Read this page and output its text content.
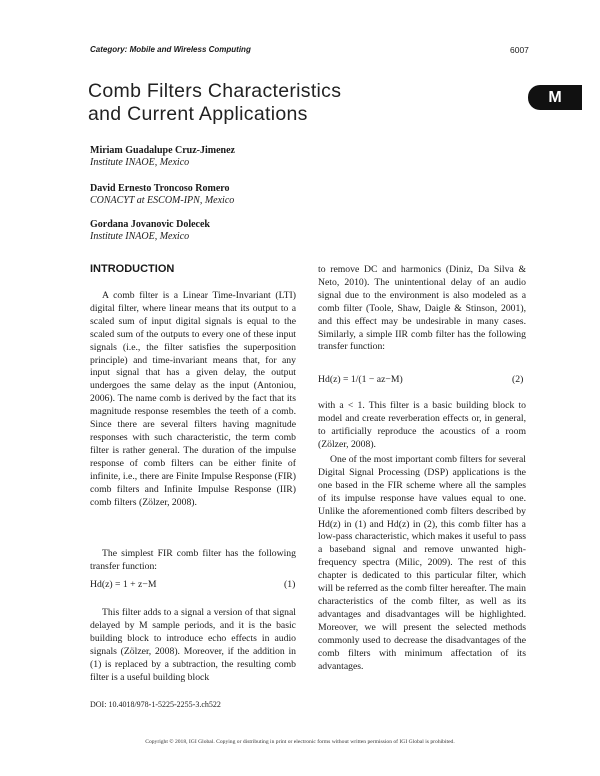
Category: Mobile and Wireless Computing	6007
M
Comb Filters Characteristics
and Current Applications
Miriam Guadalupe Cruz-Jimenez
Institute INAOE, Mexico
David Ernesto Troncoso Romero
CONACYT at ESCOM-IPN, Mexico
Gordana Jovanovic Dolecek
Institute INAOE, Mexico
INTRODUCTION
A comb filter is a Linear Time-Invariant (LTI) digital filter, where linear means that its output to a scaled sum of input digital signals is equal to the scaled sum of the outputs to every one of these input signals (i.e., the filter satisfies the superposition principle) and time-invariant means that, for any input signal that has a given delay, the output undergoes the same delay as the input (Antoniou, 2006). The name comb is derived by the fact that its magnitude response resembles the teeth of a comb. Since there are several filters having magnitude responses with such characteristic, the term comb filter is rather general. The duration of the impulse response of comb filters can be either finite of infinite, i.e., there are Finite Impulse Response (FIR) comb filters and Infinite Impulse Response (IIR) comb filters (Zölzer, 2008).
The simplest FIR comb filter has the following transfer function:
Hd(z) = 1 + z−M	(1)
This filter adds to a signal a version of that signal delayed by M sample periods, and it is the basic building block to introduce echo effects in audio signals (Zölzer, 2008). Moreover, if the addition in (1) is replaced by a subtraction, the resulting comb filter is a useful building block
to remove DC and harmonics (Diniz, Da Silva & Neto, 2010). The unintentional delay of an audio signal due to the environment is also modeled as a comb filter (Toole, Shaw, Daigle & Stinson, 2001), and this effect may be undesirable in many cases. Similarly, a simple IIR comb filter has the following transfer function:
Hd(z) = 1/(1 − az−M)	(2)
with a < 1. This filter is a basic building block to model and create reverberation effects or, in general, to artificially reproduce the acoustics of a room (Zölzer, 2008).
One of the most important comb filters for several Digital Signal Processing (DSP) applications is the one based in the FIR scheme where all the samples of its impulse response have values equal to one. Unlike the aforementioned comb filters described by Hd(z) in (1) and Hd(z) in (2), this comb filter has a low-pass characteristic, which makes it useful to pass a baseband signal and remove unwanted high-frequency spectra (Milic, 2009). The rest of this chapter is dedicated to this particular filter, which will be referred as the comb filter hereafter. The main characteristics of the comb filter, as well as its advantages and disadvantages will be highlighted. Moreover, we will present the selected methods commonly used to decrease the disadvantages of the comb filters with minimum affectation of its advantages.
DOI: 10.4018/978-1-5225-2255-3.ch522
Copyright © 2018, IGI Global. Copying or distributing in print or electronic forms without written permission of IGI Global is prohibited.
